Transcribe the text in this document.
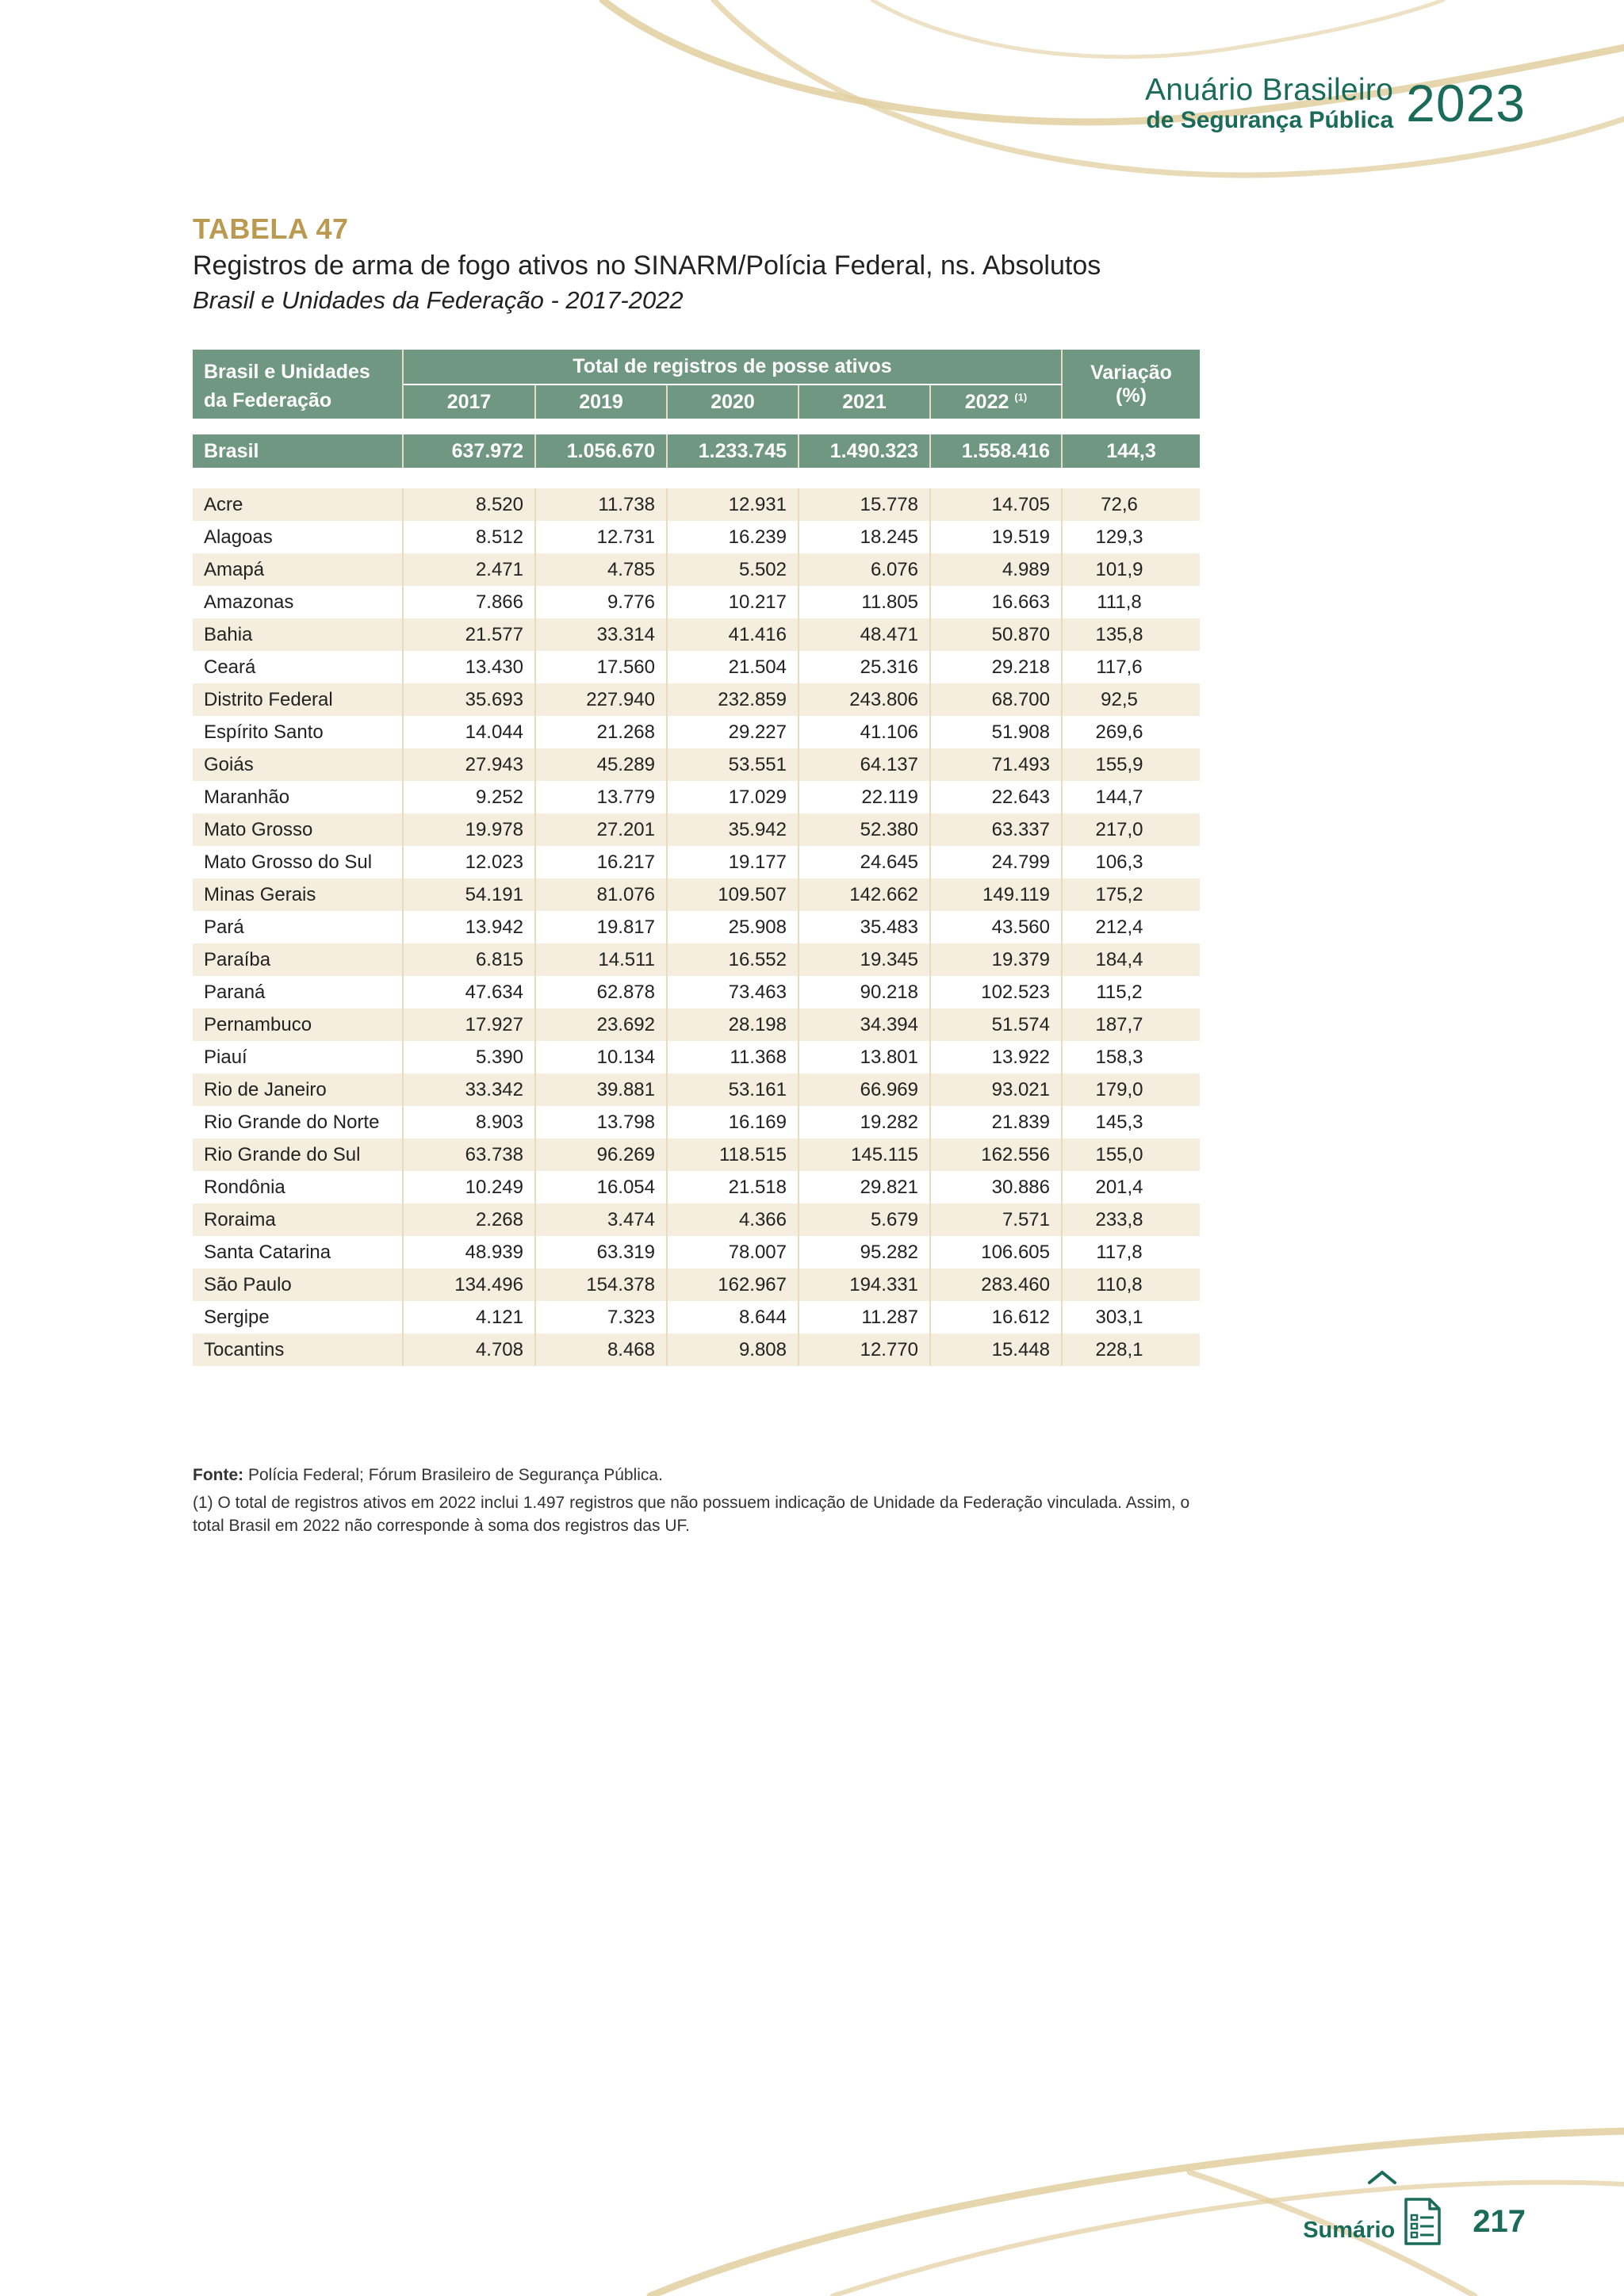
Anuário Brasileiro
de Segurança Pública 2023
TABELA 47
Registros de arma de fogo ativos no SINARM/Polícia Federal, ns. Absolutos
Brasil e Unidades da Federação - 2017-2022
Brasil e Unidades da Federação	Total de registros de posse ativos					Variação (%)
	2017	2019	2020	2021	2022 $^{(1)}$

Brasil	637.972	1.056.670	1.233.745	1.490.323	1.558.416	144,3

Acre	8.520	11.738	12.931	15.778	14.705	72,6
Alagoas	8.512	12.731	16.239	18.245	19.519	129,3
Amapá	2.471	4.785	5.502	6.076	4.989	101,9
Amazonas	7.866	9.776	10.217	11.805	16.663	111,8
Bahia	21.577	33.314	41.416	48.471	50.870	135,8
Ceará	13.430	17.560	21.504	25.316	29.218	117,6
Distrito Federal	35.693	227.940	232.859	243.806	68.700	92,5
Espírito Santo	14.044	21.268	29.227	41.106	51.908	269,6
Goiás	27.943	45.289	53.551	64.137	71.493	155,9
Maranhão	9.252	13.779	17.029	22.119	22.643	144,7
Mato Grosso	19.978	27.201	35.942	52.380	63.337	217,0
Mato Grosso do Sul	12.023	16.217	19.177	24.645	24.799	106,3
Minas Gerais	54.191	81.076	109.507	142.662	149.119	175,2
Pará	13.942	19.817	25.908	35.483	43.560	212,4
Paraíba	6.815	14.511	16.552	19.345	19.379	184,4
Paraná	47.634	62.878	73.463	90.218	102.523	115,2
Pernambuco	17.927	23.692	28.198	34.394	51.574	187,7
Piauí	5.390	10.134	11.368	13.801	13.922	158,3
Rio de Janeiro	33.342	39.881	53.161	66.969	93.021	179,0
Rio Grande do Norte	8.903	13.798	16.169	19.282	21.839	145,3
Rio Grande do Sul	63.738	96.269	118.515	145.115	162.556	155,0
Rondônia	10.249	16.054	21.518	29.821	30.886	201,4
Roraima	2.268	3.474	4.366	5.679	7.571	233,8
Santa Catarina	48.939	63.319	78.007	95.282	106.605	117,8
São Paulo	134.496	154.378	162.967	194.331	283.460	110,8
Sergipe	4.121	7.323	8.644	11.287	16.612	303,1
Tocantins	4.708	8.468	9.808	12.770	15.448	228,1
Fonte: Polícia Federal; Fórum Brasileiro de Segurança Pública.
(1) O total de registros ativos em 2022 inclui 1.497 registros que não possuem indicação de Unidade da Federação vinculada. Assim, o total Brasil em 2022 não corresponde à soma dos registros das UF.
Sumário 217
